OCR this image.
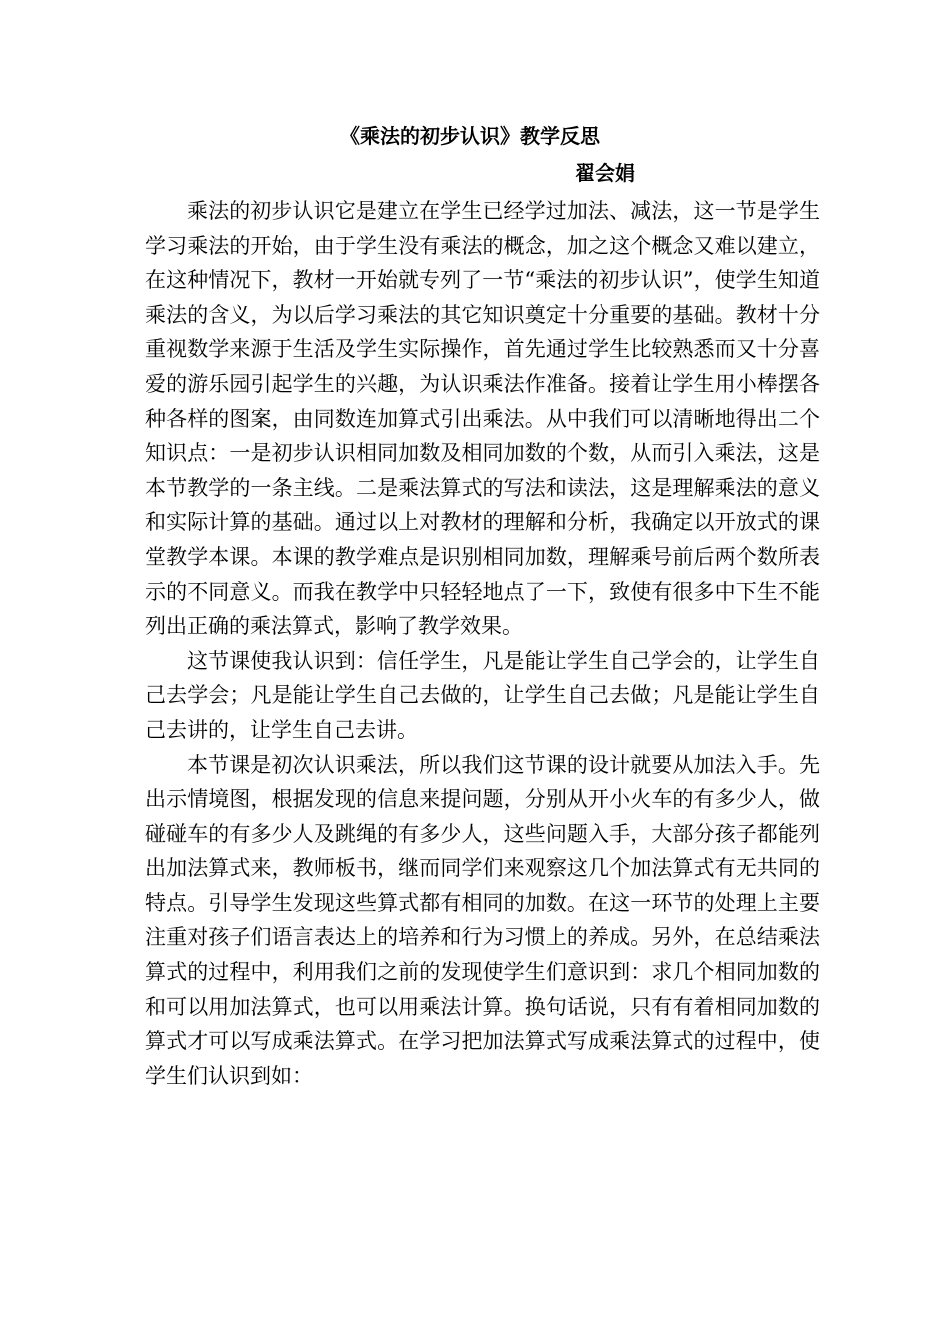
《乘法的初步认识》教学反思
翟会娟

乘法的初步认识它是建立在学生已经学过加法、减法，这一节是学生学习乘法的开始，由于学生没有乘法的概念，加之这个概念又难以建立，在这种情况下，教材一开始就专列了一节“乘法的初步认识”，使学生知道乘法的含义，为以后学习乘法的其它知识奠定十分重要的基础。教材十分重视数学来源于生活及学生实际操作，首先通过学生比较熟悉而又十分喜爱的游乐园引起学生的兴趣，为认识乘法作准备。接着让学生用小棒摆各种各样的图案，由同数连加算式引出乘法。从中我们可以清晰地得出二个知识点：一是初步认识相同加数及相同加数的个数，从而引入乘法，这是本节教学的一条主线。二是乘法算式的写法和读法，这是理解乘法的意义和实际计算的基础。通过以上对教材的理解和分析，我确定以开放式的课堂教学本课。本课的教学难点是识别相同加数，理解乘号前后两个数所表示的不同意义。而我在教学中只轻轻地点了一下，致使有很多中下生不能列出正确的乘法算式，影响了教学效果。

这节课使我认识到：信任学生，凡是能让学生自己学会的，让学生自己去学会；凡是能让学生自己去做的，让学生自己去做；凡是能让学生自己去讲的，让学生自己去讲。

本节课是初次认识乘法，所以我们这节课的设计就要从加法入手。先出示情境图，根据发现的信息来提问题，分别从开小火车的有多少人，做碰碰车的有多少人及跳绳的有多少人，这些问题入手，大部分孩子都能列出加法算式来，教师板书，继而同学们来观察这几个加法算式有无共同的特点。引导学生发现这些算式都有相同的加数。在这一环节的处理上主要注重对孩子们语言表达上的培养和行为习惯上的养成。另外，在总结乘法算式的过程中，利用我们之前的发现使学生们意识到：求几个相同加数的和可以用加法算式，也可以用乘法计算。换句话说，只有有着相同加数的算式才可以写成乘法算式。在学习把加法算式写成乘法算式的过程中，使学生们认识到如：
